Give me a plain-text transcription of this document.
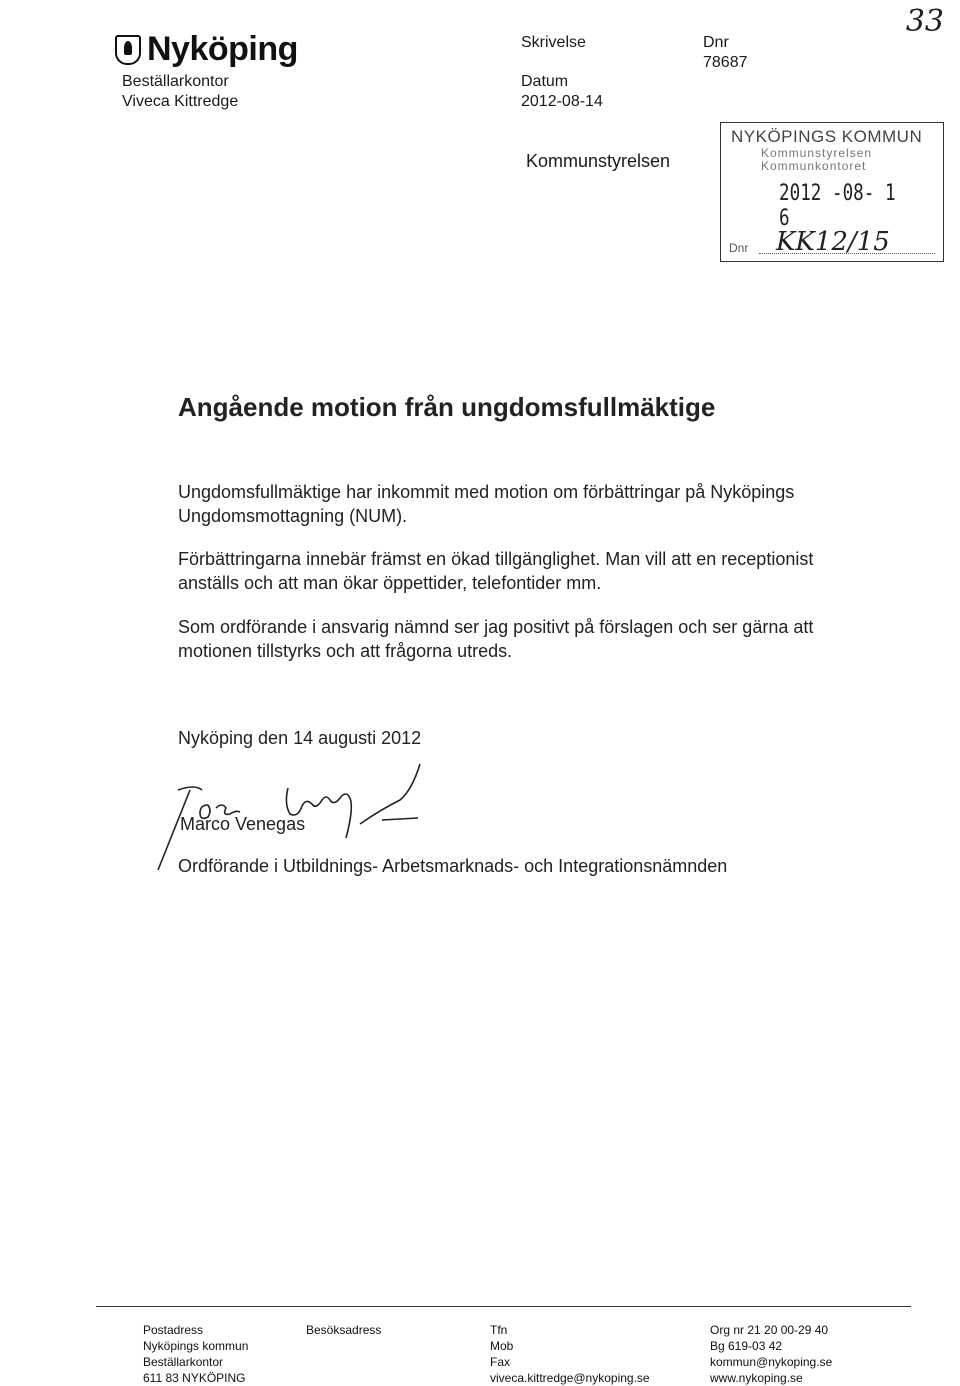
Nyköping
Beställarkontor
Viveca Kittredge
Skrivelse
Datum
2012-08-14
Kommunstyrelsen
Dnr
78687
33
NYKÖPINGS KOMMUN
Kommunstyrelsen
Kommunkontoret
2012 -08- 1 6
Dnr KK12/15
Angående motion från ungdomsfullmäktige
Ungdomsfullmäktige har inkommit med motion om förbättringar på Nyköpings Ungdomsmottagning (NUM).
Förbättringarna innebär främst en ökad tillgänglighet. Man vill att en receptionist anställs och att man ökar öppettider, telefontider mm.
Som ordförande i ansvarig nämnd ser jag positivt på förslagen och ser gärna att motionen tillstyrks och att frågorna utreds.
Nyköping den 14 augusti 2012
Marco Venegas
Ordförande i Utbildnings- Arbetsmarknads- och Integrationsnämnden
Postadress
Nyköpings kommun
Beställarkontor
611 83 NYKÖPING
Besöksadress	Tfn
Mob
Fax
viveca.kittredge@nykoping.se
Org nr 21 20 00-29 40
Bg 619-03 42
kommun@nykoping.se
www.nykoping.se
